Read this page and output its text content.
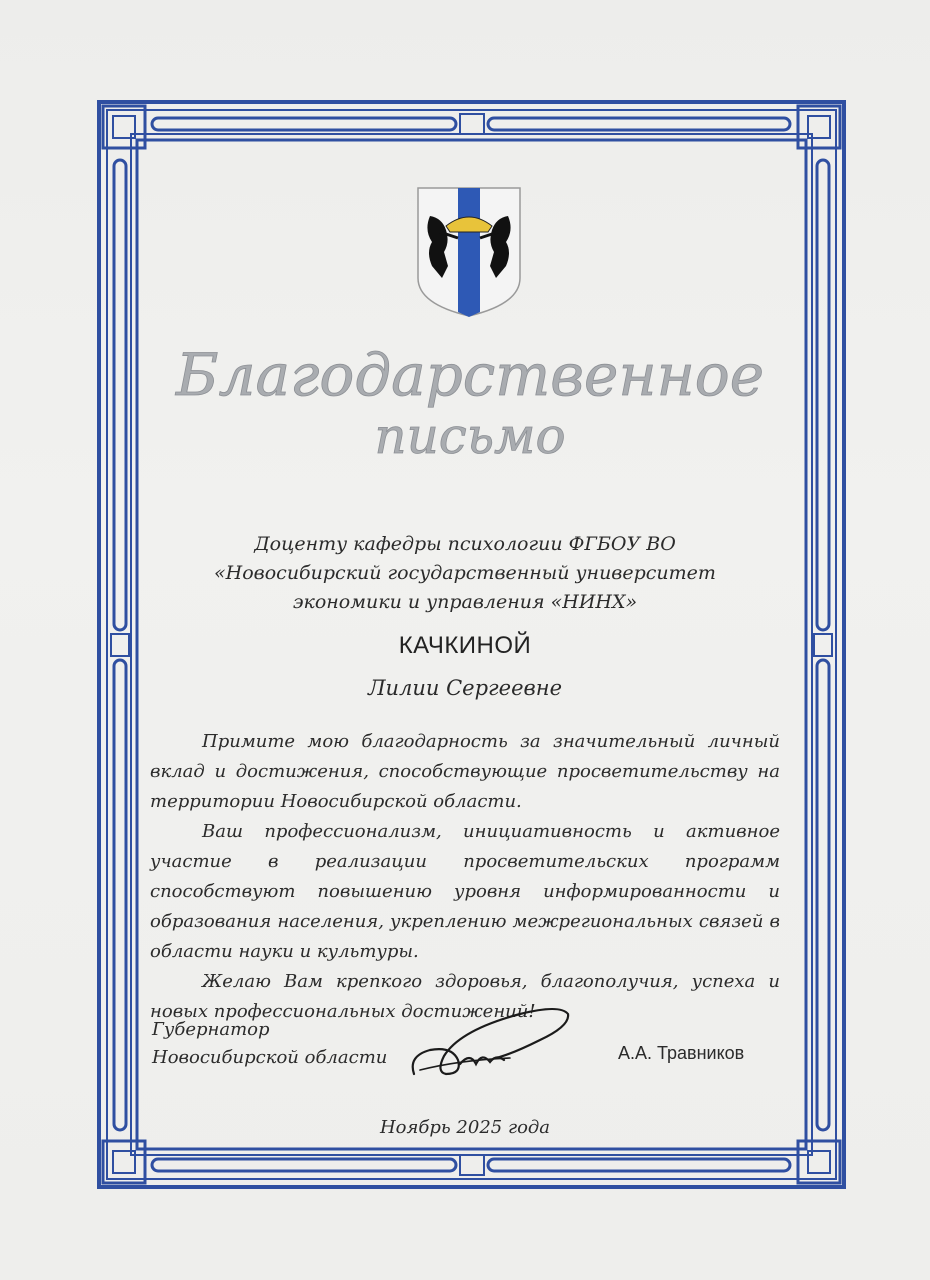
Благодарственное
письмо
Доценту кафедры психологии ФГБОУ ВО
«Новосибирский государственный университет
экономики и управления «НИНХ»
КАЧКИНОЙ
Лилии Сергеевне

Примите мою благодарность за значительный личный вклад и достижения, способствующие просветительству на территории Новосибирской области.

Ваш профессионализм, инициативность и активное участие в реализации просветительских программ способствуют повышению уровня информированности и образования населения, укреплению межрегиональных связей в области науки и культуры.

Желаю Вам крепкого здоровья, благополучия, успеха и новых профессиональных достижений!

Губернатор
Новосибирской области	А.А. Травников
Ноябрь 2025 года
